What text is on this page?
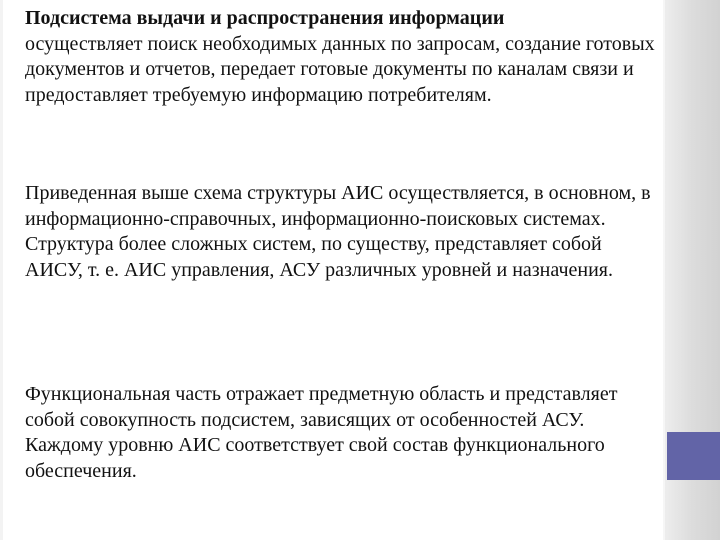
Подсистема выдачи и распространения информации
осуществляет поиск необходимых данных по запросам, создание готовых документов и отчетов, передает готовые документы по каналам связи и предоставляет требуемую информацию потребителям.

Приведенная выше схема структуры АИС осуществляется, в основном, в информационно-справочных, информационно-поисковых системах. Структура более сложных систем, по существу, представляет собой АИСУ, т. е. АИС управления, АСУ различных уровней и назначения.

Функциональная часть отражает предметную область и представляет собой совокупность подсистем, зависящих от особенностей АСУ. Каждому уровню АИС соответствует свой состав функционального обеспечения.
